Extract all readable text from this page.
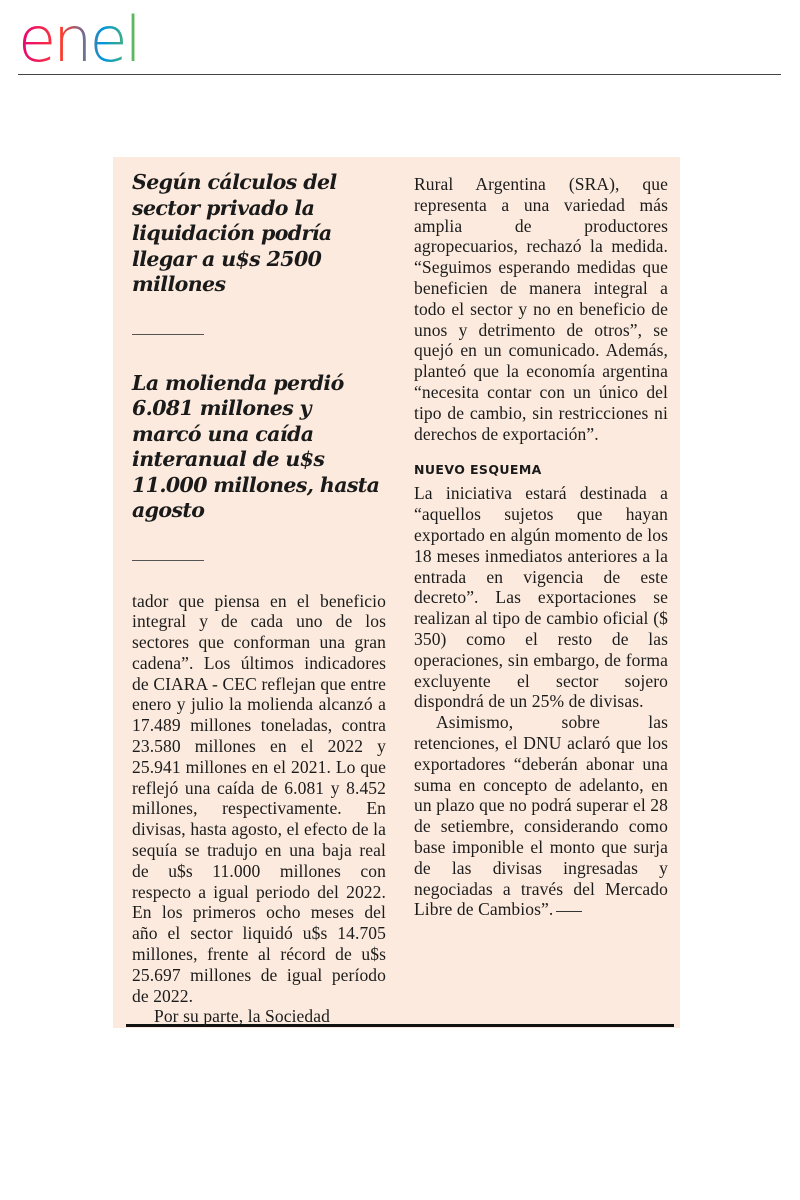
enel

Según cálculos del sector privado la liquidación podría llegar a u$s 2500 millones

La molienda perdió 6.081 millones y marcó una caída interanual de u$s 11.000 millones, hasta agosto

tador que piensa en el beneficio integral y de cada uno de los sectores que conforman una gran cadena”. Los últimos indicadores de CIARA - CEC reflejan que entre enero y julio la molienda alcanzó a 17.489 millones toneladas, contra 23.580 millones en el 2022 y 25.941 millones en el 2021. Lo que reflejó una caída de 6.081 y 8.452 millones, respectivamente. En divisas, hasta agosto, el efecto de la sequía se tradujo en una baja real de u$s 11.000 millones con respecto a igual periodo del 2022. En los primeros ocho meses del año el sector liquidó u$s 14.705 millones, frente al récord de u$s 25.697 millones de igual período de 2022.

Por su parte, la Sociedad

Rural Argentina (SRA), que representa a una variedad más amplia de productores agropecuarios, rechazó la medida. “Seguimos esperando medidas que beneficien de manera integral a todo el sector y no en beneficio de unos y detrimento de otros”, se quejó en un comunicado. Además, planteó que la economía argentina “necesita contar con un único del tipo de cambio, sin restricciones ni derechos de exportación”.

NUEVO ESQUEMA

La iniciativa estará destinada a “aquellos sujetos que hayan exportado en algún momento de los 18 meses inmediatos anteriores a la entrada en vigencia de este decreto”. Las exportaciones se realizan al tipo de cambio oficial ($ 350) como el resto de las operaciones, sin embargo, de forma excluyente el sector sojero dispondrá de un 25% de divisas.

Asimismo, sobre las retenciones, el DNU aclaró que los exportadores “deberán abonar una suma en concepto de adelanto, en un plazo que no podrá superar el 28 de setiembre, considerando como base imponible el monto que surja de las divisas ingresadas y negociadas a través del Mercado Libre de Cambios”.
